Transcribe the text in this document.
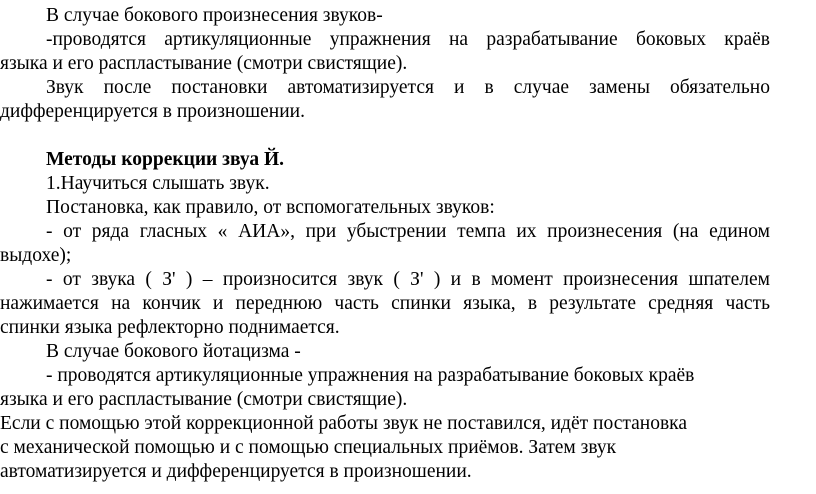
В случае бокового произнесения звуков-
-проводятся артикуляционные упражнения на разрабатывание боковых краёв
языка и его распластывание (смотри свистящие).
Звук после постановки автоматизируется и в случае замены обязательно
дифференцируется в произношении.
Методы коррекции звуа Й.
1.Научиться слышать звук.
Постановка, как правило, от вспомогательных звуков:
- от ряда гласных « АИА», при убыстрении темпа их произнесения (на едином
выдохе);
- от звука ( З' ) – произносится звук ( З' ) и в момент произнесения шпателем
нажимается на кончик и переднюю часть спинки языка, в результате средняя часть
спинки языка рефлекторно поднимается.
В случае бокового йотацизма -
- проводятся артикуляционные упражнения на разрабатывание боковых краёв
языка и его распластывание (смотри свистящие).
Если с помощью этой коррекционной работы звук не поставился, идёт постановка
с механической помощью и с помощью специальных приёмов. Затем звук
автоматизируется и дифференцируется в произношении.
